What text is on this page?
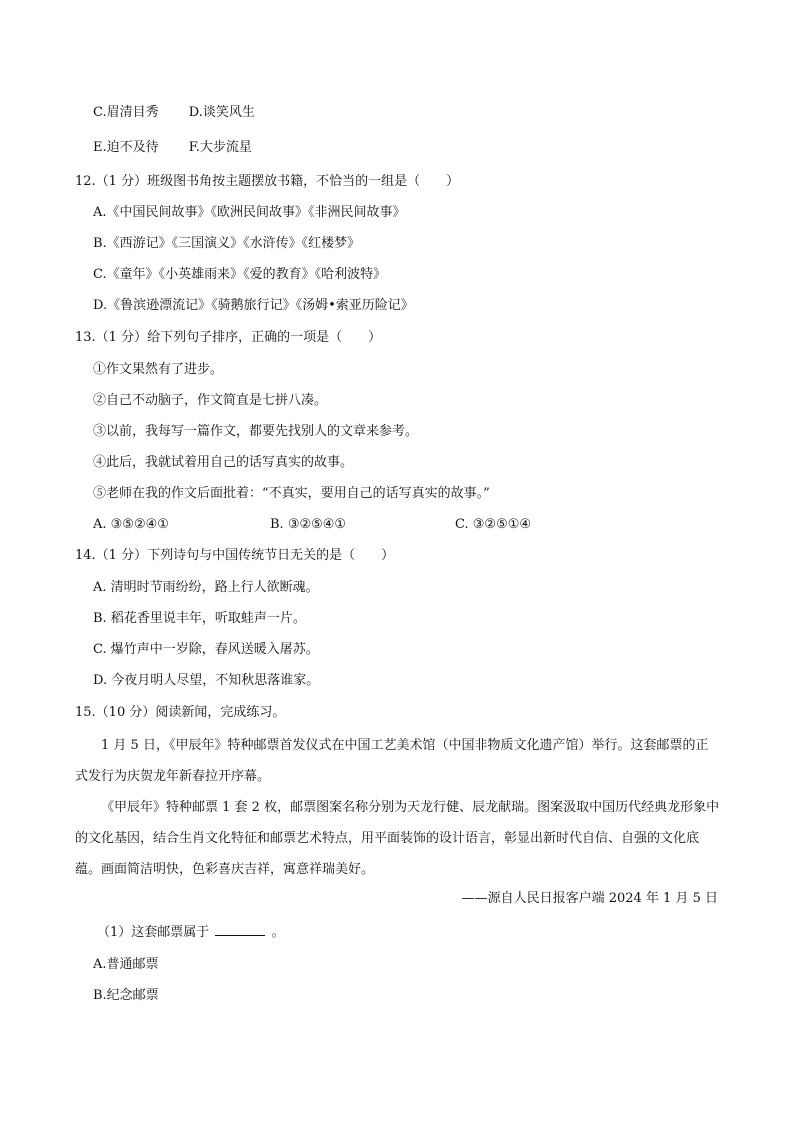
C.眉清目秀 D.谈笑风生
E.迫不及待 F.大步流星
12.（1 分）班级图书角按主题摆放书籍，不恰当的一组是（　　）
A.《中国民间故事》《欧洲民间故事》《非洲民间故事》
B.《西游记》《三国演义》《水浒传》《红楼梦》
C.《童年》《小英雄雨来》《爱的教育》《哈利波特》
D.《鲁滨逊漂流记》《骑鹅旅行记》《汤姆•索亚历险记》
13.（1 分）给下列句子排序，正确的一项是（　　）
①作文果然有了进步。
②自己不动脑子，作文简直是七拼八凑。
③以前，我每写一篇作文，都要先找别人的文章来参考。
④此后，我就试着用自己的话写真实的故事。
⑤老师在我的作文后面批着：“不真实，要用自己的话写真实的故事。”
A. ③⑤②④①	B. ③②⑤④①	C. ③②⑤①④
14.（1 分）下列诗句与中国传统节日无关的是（　　）
A. 清明时节雨纷纷，路上行人欲断魂。
B. 稻花香里说丰年，听取蛙声一片。
C. 爆竹声中一岁除，春风送暖入屠苏。
D. 今夜月明人尽望，不知秋思落谁家。
15.（10 分）阅读新闻，完成练习。
1 月 5 日，《甲辰年》特种邮票首发仪式在中国工艺美术馆（中国非物质文化遗产馆）举行。这套邮票的正式发行为庆贺龙年新春拉开序幕。
《甲辰年》特种邮票 1 套 2 枚，邮票图案名称分别为天龙行健、辰龙献瑞。图案汲取中国历代经典龙形象中的文化基因，结合生肖文化特征和邮票艺术特点，用平面装饰的设计语言，彰显出新时代自信、自强的文化底蕴。画面简洁明快，色彩喜庆吉祥，寓意祥瑞美好。
——源自人民日报客户端 2024 年 1 月 5 日
（1）这套邮票属于	。
A.普通邮票
B.纪念邮票
